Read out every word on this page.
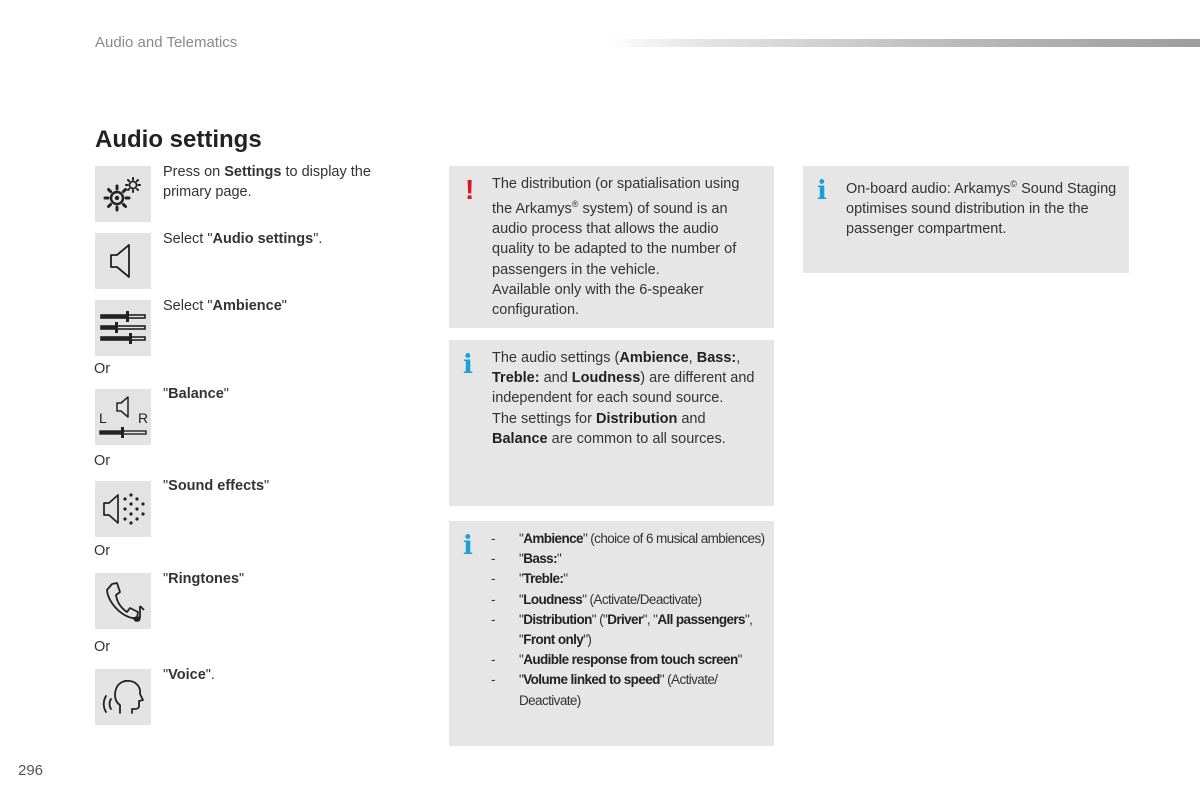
Audio and Telematics
Audio settings
Press on Settings to display the primary page.
Select "Audio settings".
Select "Ambience"
Or
L R
"Balance"
Or
"Sound effects"
Or
"Ringtones"
Or
"Voice".
! The distribution (or spatialisation using the Arkamys® system) of sound is an audio process that allows the audio quality to be adapted to the number of passengers in the vehicle.

Available only with the 6-speaker configuration.

i The audio settings (Ambience, Bass:, Treble: and Loudness) are different and independent for each sound source.

The settings for Distribution and Balance are common to all sources.

i
-	"Ambience" (choice of 6 musical ambiences)
- "Bass:"
- "Treble:"
- "Loudness" (Activate/Deactivate)
- "Distribution" ("Driver", "All passengers", "Front only")
- "Audible response from touch screen"
- "Volume linked to speed" (Activate/ Deactivate)
i On-board audio: Arkamys© Sound Staging optimises sound distribution in the the passenger compartment.

296
